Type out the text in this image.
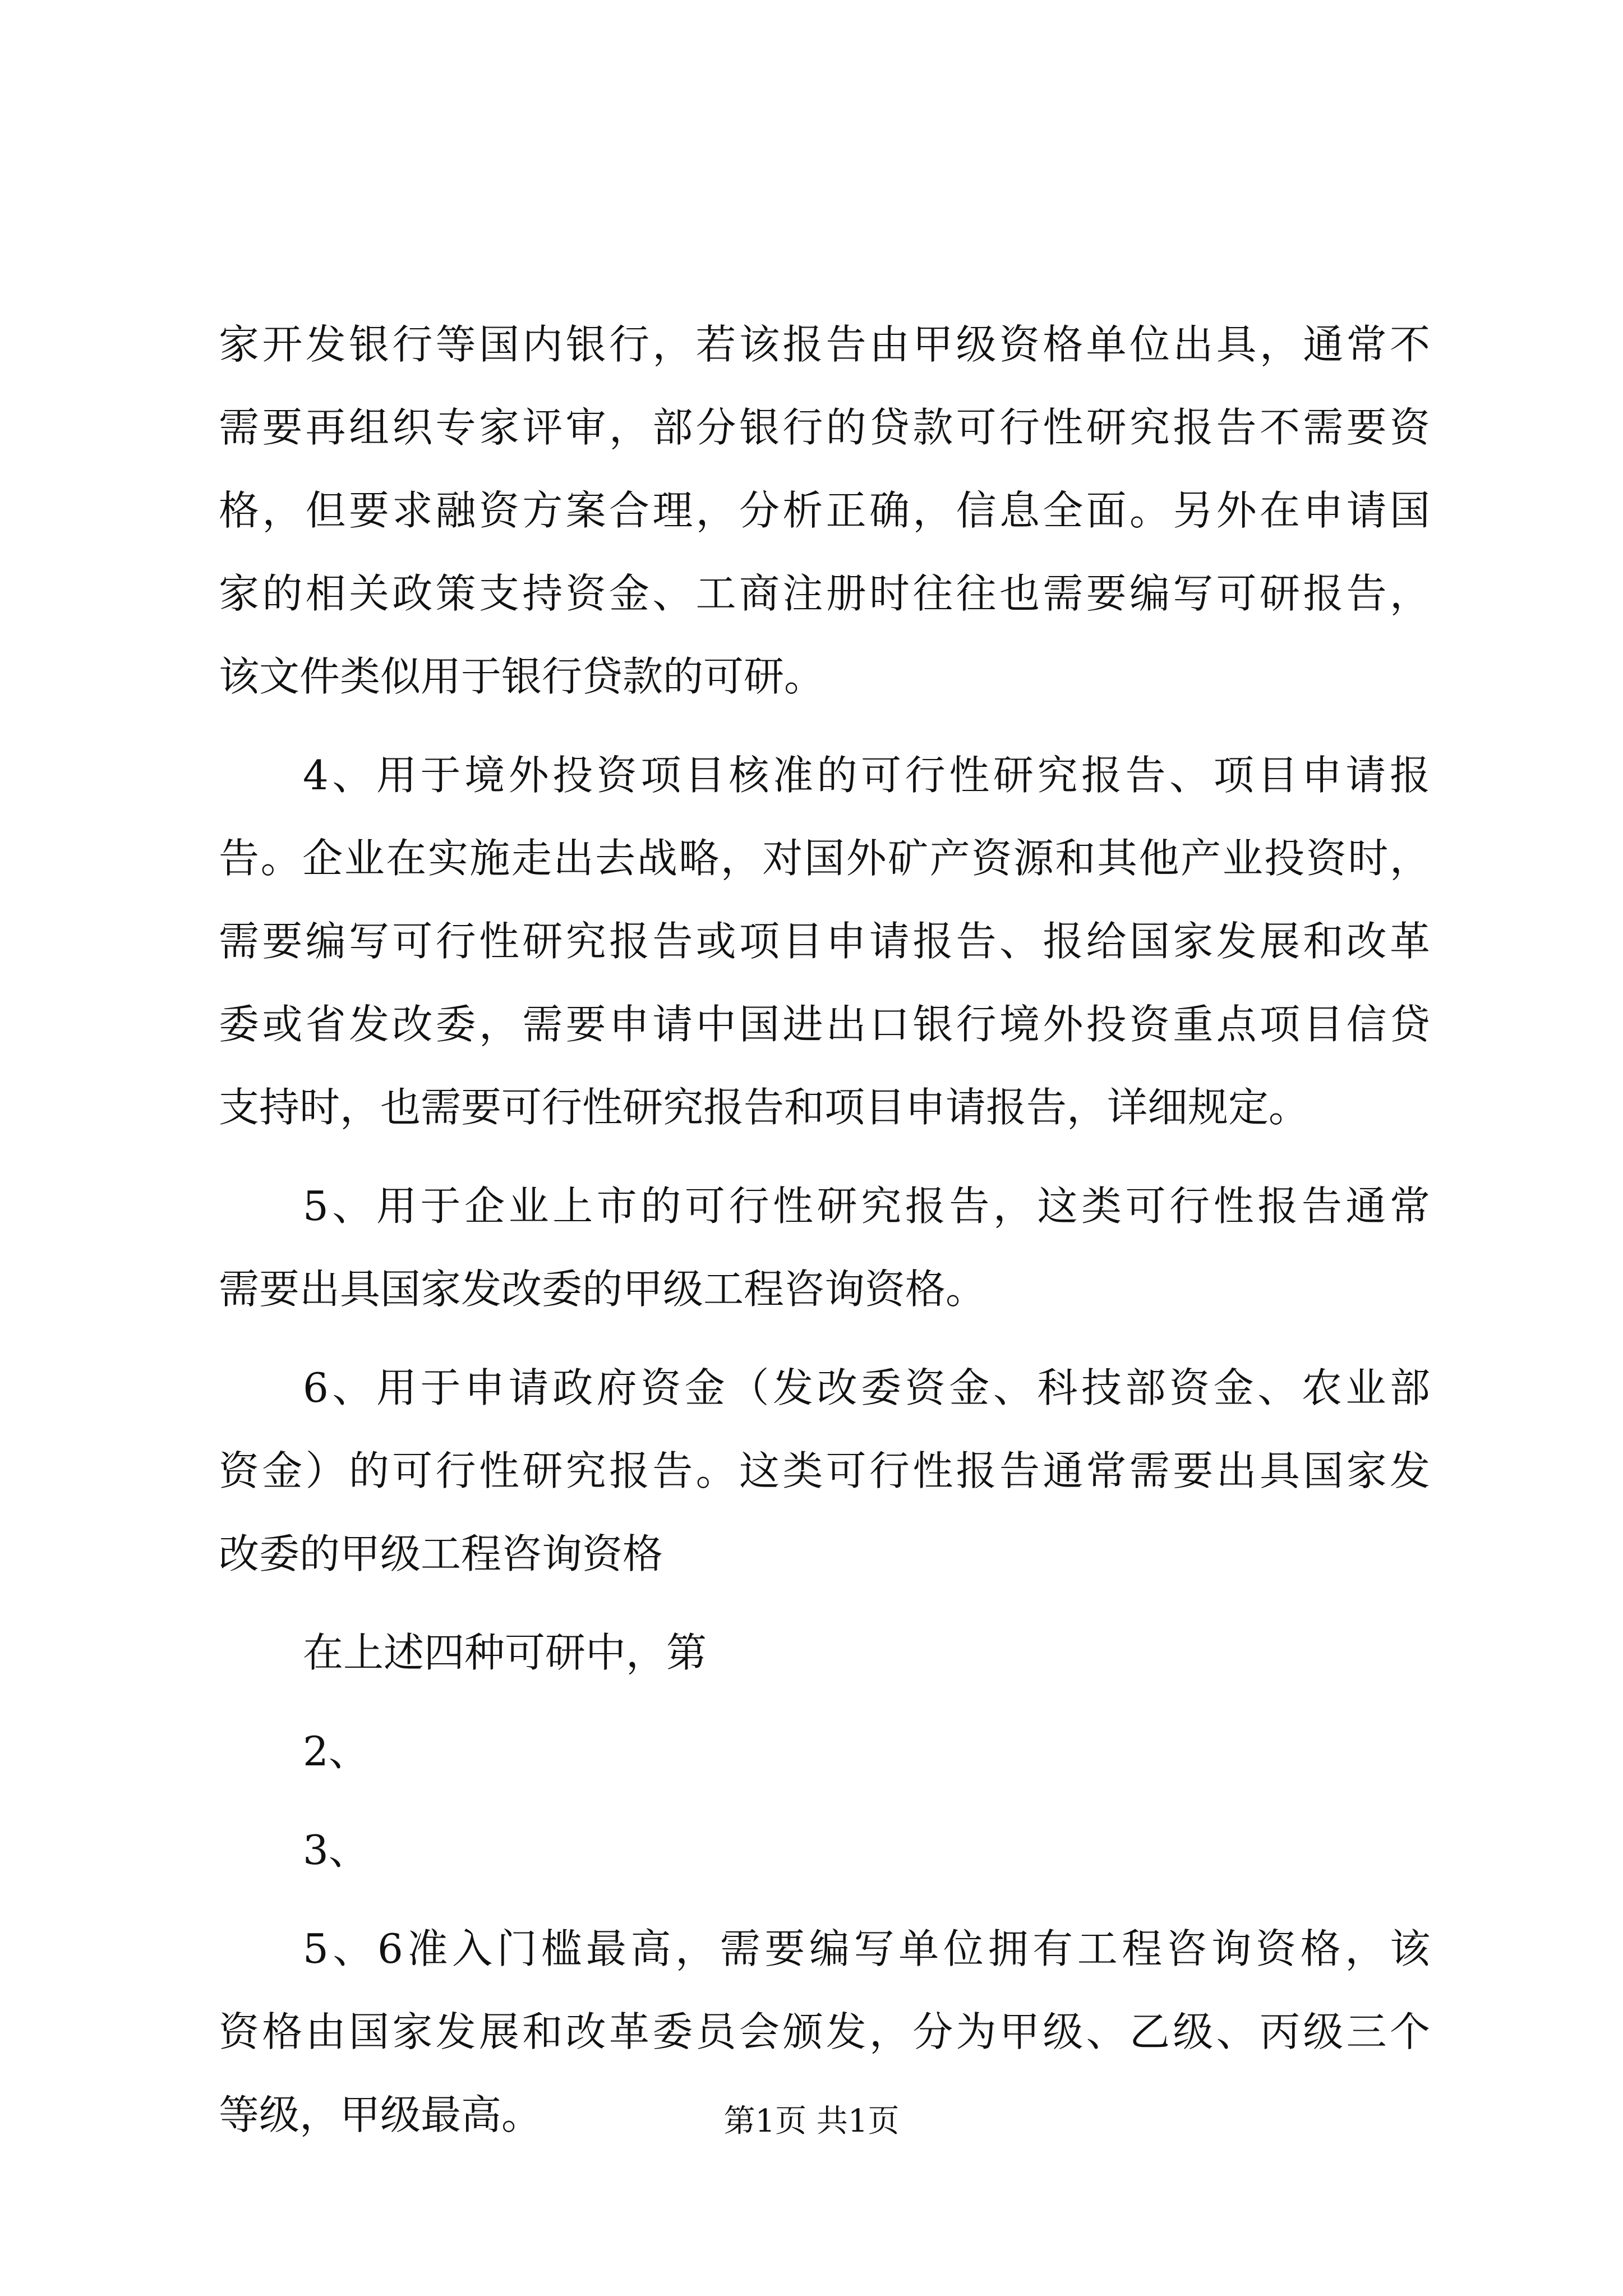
家开发银行等国内银行，若该报告由甲级资格单位出具，通常不
需要再组织专家评审，部分银行的贷款可行性研究报告不需要资
格，但要求融资方案合理，分析正确，信息全面。另外在申请国
家的相关政策支持资金、工商注册时往往也需要编写可研报告，
该文件类似用于银行贷款的可研。
4、用于境外投资项目核准的可行性研究报告、项目申请报
告。企业在实施走出去战略，对国外矿产资源和其他产业投资时，
需要编写可行性研究报告或项目申请报告、报给国家发展和改革
委或省发改委，需要申请中国进出口银行境外投资重点项目信贷
支持时，也需要可行性研究报告和项目申请报告，详细规定。
5、用于企业上市的可行性研究报告，这类可行性报告通常
需要出具国家发改委的甲级工程咨询资格。
6、用于申请政府资金（发改委资金、科技部资金、农业部
资金）的可行性研究报告。这类可行性报告通常需要出具国家发
改委的甲级工程咨询资格
在上述四种可研中，第
2、
3、
5、6准入门槛最高，需要编写单位拥有工程咨询资格，该
资格由国家发展和改革委员会颁发，分为甲级、乙级、丙级三个
等级，甲级最高。	第1页 共1页
